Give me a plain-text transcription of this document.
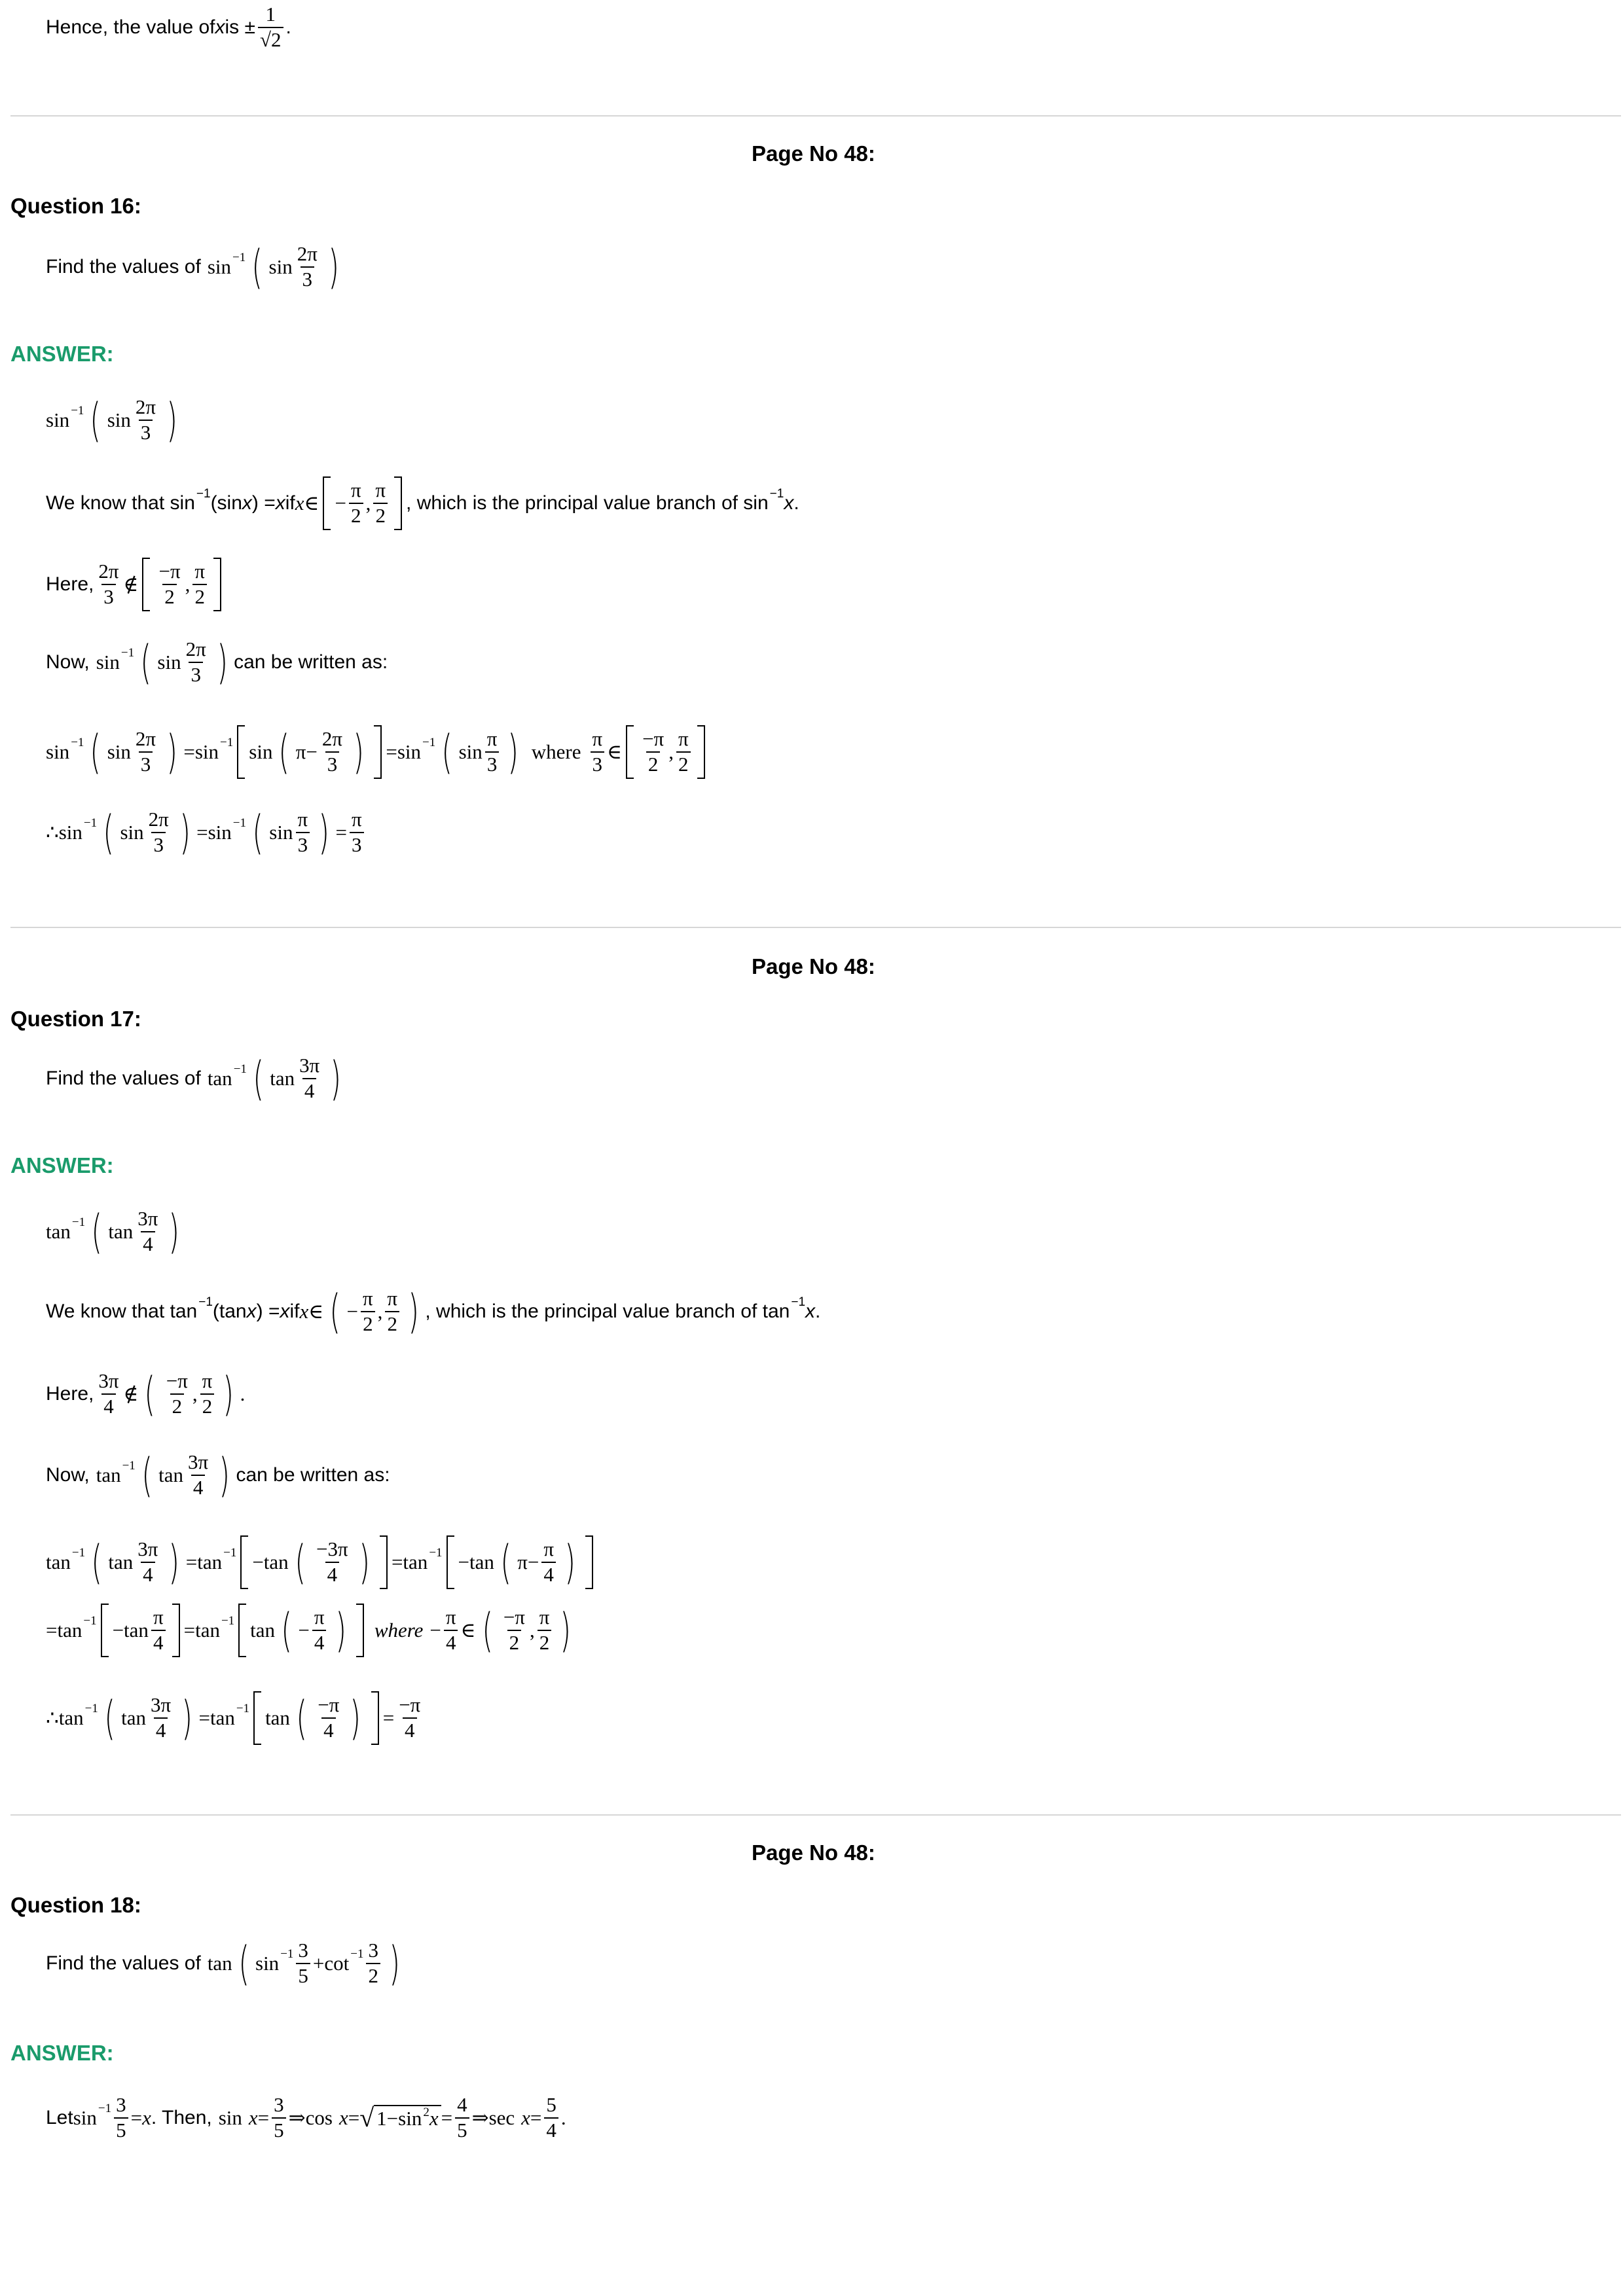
Hence, the value of x is ± $\frac{1}{√2}$ .
Page No 48:
Question 16:
Find the values of sin −1 ( $\sin \frac{2\pi}{3}$ )
ANSWER:
sin −1 ( $\sin \frac{2\pi}{3}$ )
We know that sin −1 (sin x ) = x if x ∈ − $\frac{\pi}{2}$ , $\frac{\pi}{2}$ , which is the principal value branch of sin −1 x .
Here, $\frac{2\pi}{3}$ ∉ $\frac{-\pi}{2}$ , $\frac{\pi}{2}$
Now, sin −1 ( $\sin \frac{2\pi}{3}$ ) can be written as:
sin −1 ( $\sin \frac{2\pi}{3}$ ) =sin −1 sin ( $\pi- \frac{2\pi}{3}$ ) =sin −1 ( $\sin \frac{\pi}{3}$ ) where $\frac{\pi}{3}$ ∈ $\frac{-\pi}{2}$ , $\frac{\pi}{2}$
∴sin −1 ( $\sin \frac{2\pi}{3}$ ) =sin −1 ( $\sin \frac{\pi}{3}$ ) = $\frac{\pi}{3}$
Page No 48:
Question 17:
Find the values of tan −1 ( $\tan \frac{3\pi}{4}$ )
ANSWER:
tan −1 ( $\tan \frac{3\pi}{4}$ )
We know that tan −1 (tan x ) = x if x ∈ ( − $\frac{\pi}{2}$ , $\frac{\pi}{2}$ ) , which is the principal value branch of tan −1 x .
Here, $\frac{3\pi}{4}$ ∉ ( $\frac{-\pi}{2}$ , $\frac{\pi}{2}$ ) .
Now, tan −1 ( $\tan \frac{3\pi}{4}$ ) can be written as:
tan −1 ( $\tan \frac{3\pi}{4}$ ) =tan −1 −tan ( $\frac{-3\pi}{4}$ ) =tan −1 −tan ( $\pi- \frac{\pi}{4}$ )
$=\tan -1 -\tan \frac{\pi}{4} =\tan -1$ tan ( − $\frac{\pi}{4}$ ) where − $\frac{\pi}{4}$ ∈ ( $\frac{-\pi}{2}$ , $\frac{\pi}{2}$ )
∴tan −1 ( $\tan \frac{3\pi}{4}$ ) =tan −1 tan ( $\frac{-\pi}{4}$ ) = $\frac{-\pi}{4}$
Page No 48:
Question 18:
Find the values of tan ( $\sin -1 \frac{3}{5} +\cot -1 \frac{3}{2}$ )
ANSWER:
Let $\sin -1 \frac{3}{5} = x$ . Then, $\sin x = \frac{3}{5}$ ⇒cos x = √ 1−sin $^2x = \frac{4}{5}$ ⇒sec $x = \frac{5}{4}$ .
